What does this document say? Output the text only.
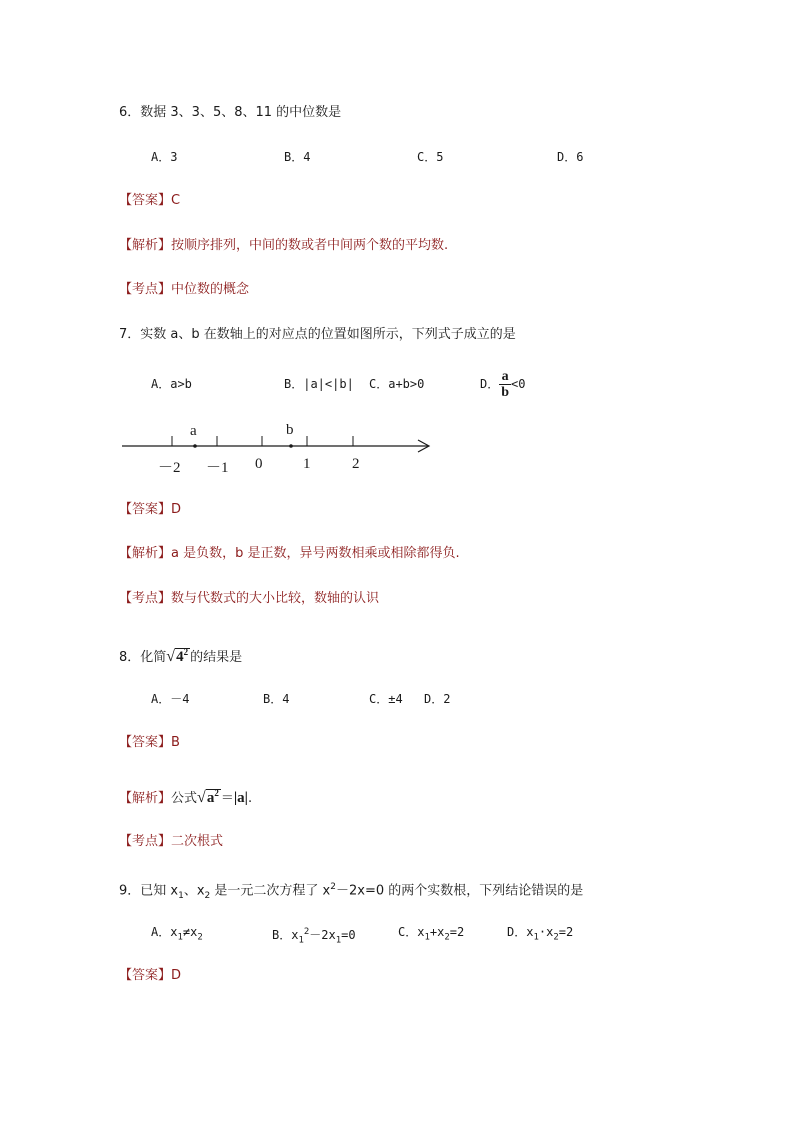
6．数据 3、3、5、8、11 的中位数是
A．3	B．4	C．5	D．6
【答案】C
【解析】按顺序排列，中间的数或者中间两个数的平均数.
【考点】中位数的概念
7．实数 a、b 在数轴上的对应点的位置如图所示，下列式子成立的是
A．a>b	B．|a|<|b| C．a+b>0	D． $\frac{a}{b} <0$
a	b
－2 －1 0	1	2
【答案】D
【解析】a 是负数，b 是正数，异号两数相乘或相除都得负.
【考点】数与代数式的大小比较，数轴的认识
8．化简$√4^2$ 的结果是
A．－4	B．4	C．±4 D．2
【答案】B
【解析】公式$√a^2 =|a|$.
【考点】二次根式
9．已知 $x_1$、$x_2$ 是一元二次方程了 $x^2-2x=0$ 的两个实数根，下列结论错误的是
A．$x_1\ne x_2$	B．$x_1^2-2x_1=0$	C．$x_1+x_2=2$	D．$x_1\cdot x_2=2$
【答案】D
